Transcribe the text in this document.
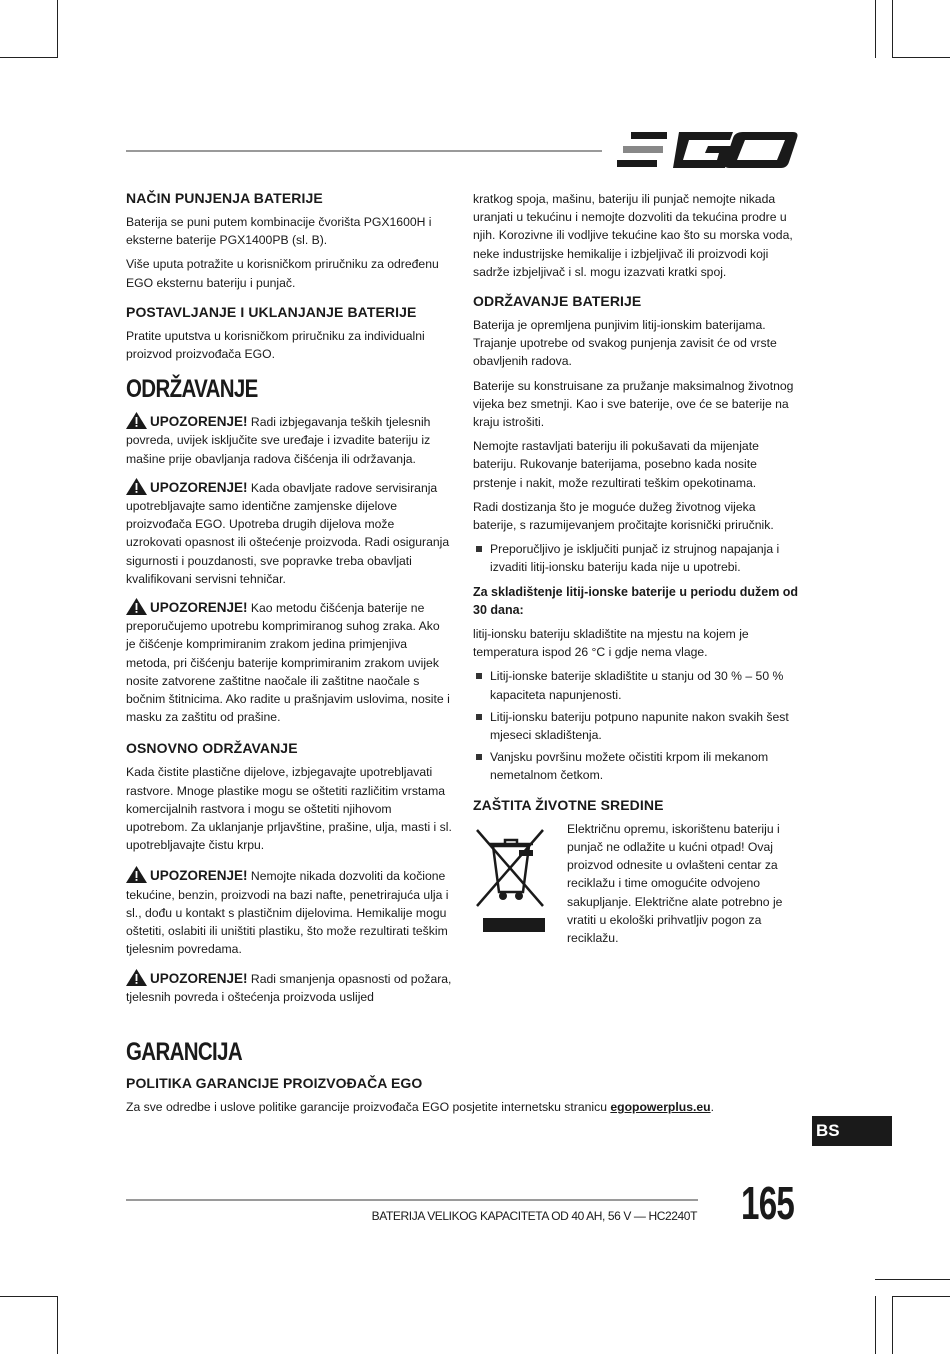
NAČIN PUNJENJA BATERIJE

Baterija se puni putem kombinacije čvorišta PGX1600H i eksterne baterije PGX1400PB (sl. B).

Više uputa potražite u korisničkom priručniku za određenu EGO eksternu bateriju i punjač.

POSTAVLJANJE I UKLANJANJE BATERIJE

Pratite uputstva u korisničkom priručniku za individualni proizvod proizvođača EGO.

ODRŽAVANJE
UPOZORENJE! Radi izbjegavanja teških tjelesnih povreda, uvijek isključite sve uređaje i izvadite bateriju iz mašine prije obavljanja radova čišćenja ili održavanja.
UPOZORENJE! Kada obavljate radove servisiranja upotrebljavajte samo identične zamjenske dijelove proizvođača EGO. Upotreba drugih dijelova može uzrokovati opasnost ili oštećenje proizvoda. Radi osiguranja sigurnosti i pouzdanosti, sve popravke treba obavljati kvalifikovani servisni tehničar.
UPOZORENJE! Kao metodu čišćenja baterije ne preporučujemo upotrebu komprimiranog suhog zraka. Ako je čišćenje komprimiranim zrakom jedina primjenjiva metoda, pri čišćenju baterije komprimiranim zrakom uvijek nosite zatvorene zaštitne naočale ili zaštitne naočale s bočnim štitnicima. Ako radite u prašnjavim uslovima, nosite i masku za zaštitu od prašine.
OSNOVNO ODRŽAVANJE

Kada čistite plastične dijelove, izbjegavajte upotrebljavati rastvore. Mnoge plastike mogu se oštetiti različitim vrstama komercijalnih rastvora i mogu se oštetiti njihovom upotrebom. Za uklanjanje prljavštine, prašine, ulja, masti i sl. upotrebljavajte čistu krpu.

UPOZORENJE! Nemojte nikada dozvoliti da kočione tekućine, benzin, proizvodi na bazi nafte, penetrirajuća ulja i sl., dođu u kontakt s plastičnim dijelovima. Hemikalije mogu oštetiti, oslabiti ili uništiti plastiku, što može rezultirati teškim tjelesnim povredama.
UPOZORENJE! Radi smanjenja opasnosti od požara, tjelesnih povreda i oštećenja proizvoda uslijed

kratkog spoja, mašinu, bateriju ili punjač nemojte nikada uranjati u tekućinu i nemojte dozvoliti da tekućina prodre u njih. Korozivne ili vodljive tekućine kao što su morska voda, neke industrijske hemikalije i izbjeljivač ili proizvodi koji sadrže izbjeljivač i sl. mogu izazvati kratki spoj.

ODRŽAVANJE BATERIJE

Baterija je opremljena punjivim litij-ionskim baterijama. Trajanje upotrebe od svakog punjenja zavisit će od vrste obavljenih radova.

Baterije su konstruisane za pružanje maksimalnog životnog vijeka bez smetnji. Kao i sve baterije, ove će se baterije na kraju istrošiti.

Nemojte rastavljati bateriju ili pokušavati da mijenjate bateriju. Rukovanje baterijama, posebno kada nosite prstenje i nakit, može rezultirati teškim opekotinama.

Radi dostizanja što je moguće dužeg životnog vijeka baterije, s razumijevanjem pročitajte korisnički priručnik.

Preporučljivo je isključiti punjač iz strujnog napajanja i izvaditi litij-ionsku bateriju kada nije u upotrebi.

Za skladištenje litij-ionske baterije u periodu dužem od 30 dana:

litij-ionsku bateriju skladištite na mjestu na kojem je temperatura ispod 26 °C i gdje nema vlage.

Litij-ionske baterije skladištite u stanju od 30 % – 50 % kapaciteta napunjenosti.
Litij-ionsku bateriju potpuno napunite nakon svakih šest mjeseci skladištenja.
Vanjsku površinu možete očistiti krpom ili mekanom nemetalnom četkom.
ZAŠTITA ŽIVOTNE SREDINE

Električnu opremu, iskorištenu bateriju i punjač ne odlažite u kućni otpad! Ovaj proizvod odnesite u ovlašteni centar za reciklažu i time omogućite odvojeno sakupljanje. Električne alate potrebno je vratiti u ekološki prihvatljiv pogon za reciklažu.

GARANCIJA
POLITIKA GARANCIJE PROIZVOĐAČA EGO

Za sve odredbe i uslove politike garancije proizvođača EGO posjetite internetsku stranicu egopowerplus.eu.

BS
BATERIJA VELIKOG KAPACITETA OD 40 AH, 56 V — HC2240T 165
